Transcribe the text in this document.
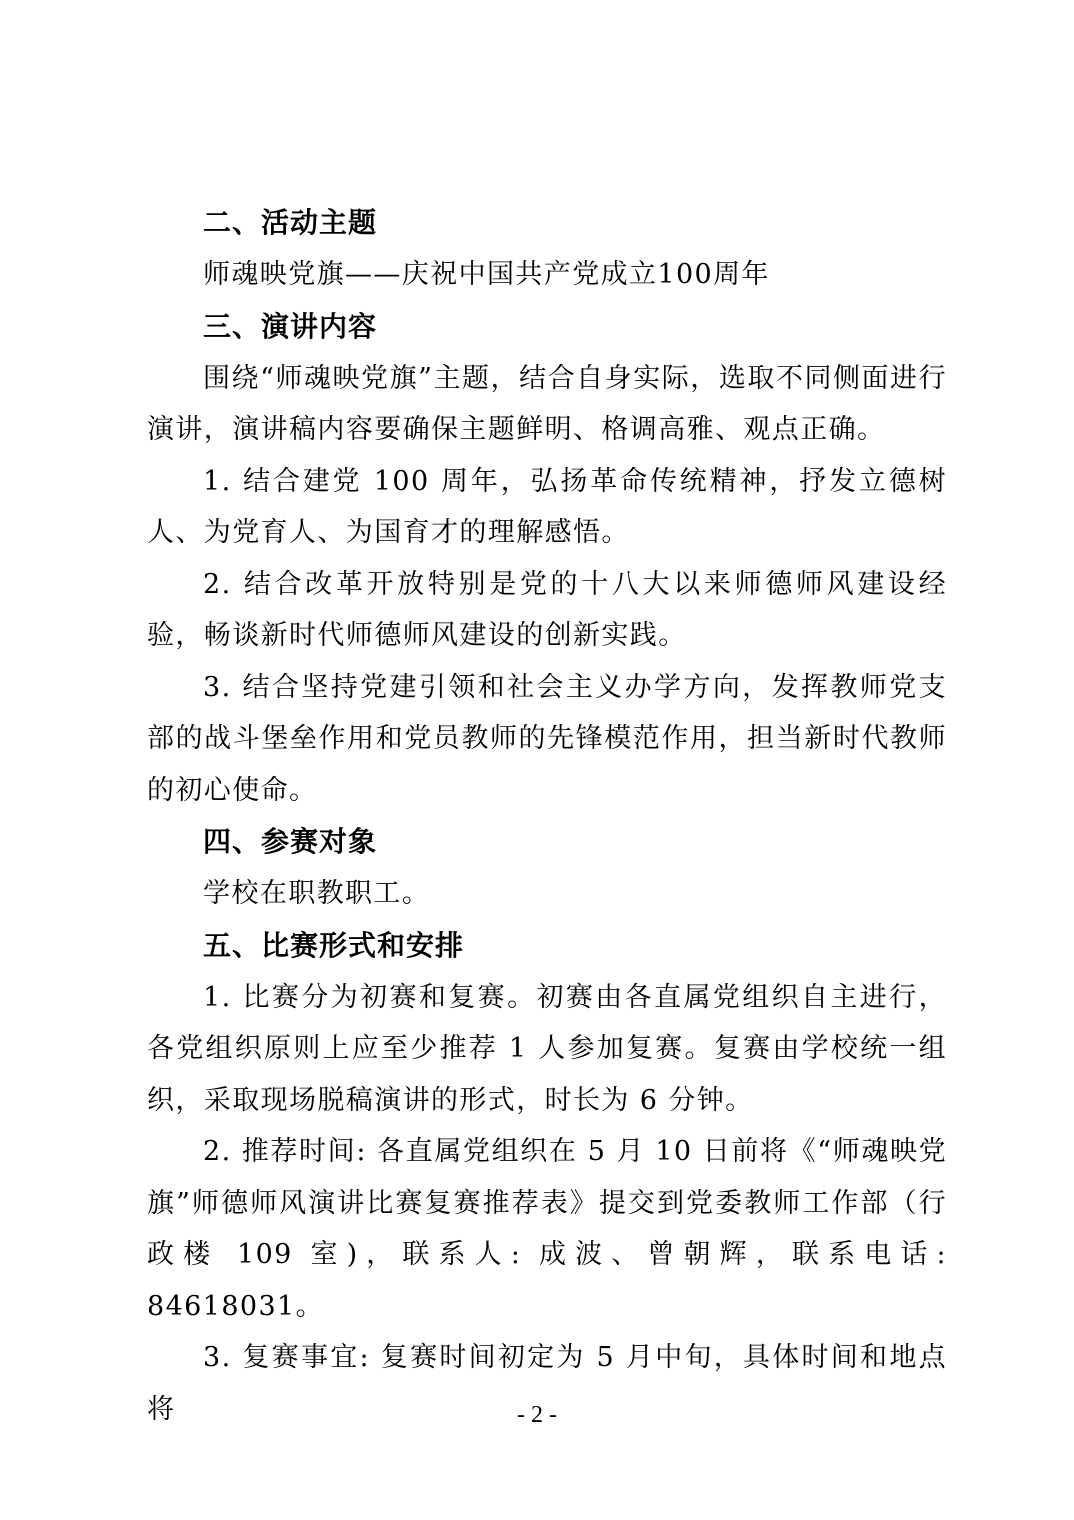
二、活动主题

师魂映党旗——庆祝中国共产党成立100周年

三、演讲内容

围绕“师魂映党旗”主题，结合自身实际，选取不同侧面进行演讲，演讲稿内容要确保主题鲜明、格调高雅、观点正确。

1. 结合建党 100 周年，弘扬革命传统精神，抒发立德树人、为党育人、为国育才的理解感悟。

2. 结合改革开放特别是党的十八大以来师德师风建设经验，畅谈新时代师德师风建设的创新实践。

3. 结合坚持党建引领和社会主义办学方向，发挥教师党支部的战斗堡垒作用和党员教师的先锋模范作用，担当新时代教师的初心使命。

四、参赛对象

学校在职教职工。

五、比赛形式和安排

1. 比赛分为初赛和复赛。初赛由各直属党组织自主进行，各党组织原则上应至少推荐 1 人参加复赛。复赛由学校统一组织，采取现场脱稿演讲的形式，时长为 6 分钟。

2. 推荐时间: 各直属党组织在 5 月 10 日前将《“师魂映党旗”师德师风演讲比赛复赛推荐表》提交到党委教师工作部（行政楼 109 室)，联系人: 成波、曾朝辉，联系电话: 84618031。

3. 复赛事宜: 复赛时间初定为 5 月中旬，具体时间和地点将	- 2 -
